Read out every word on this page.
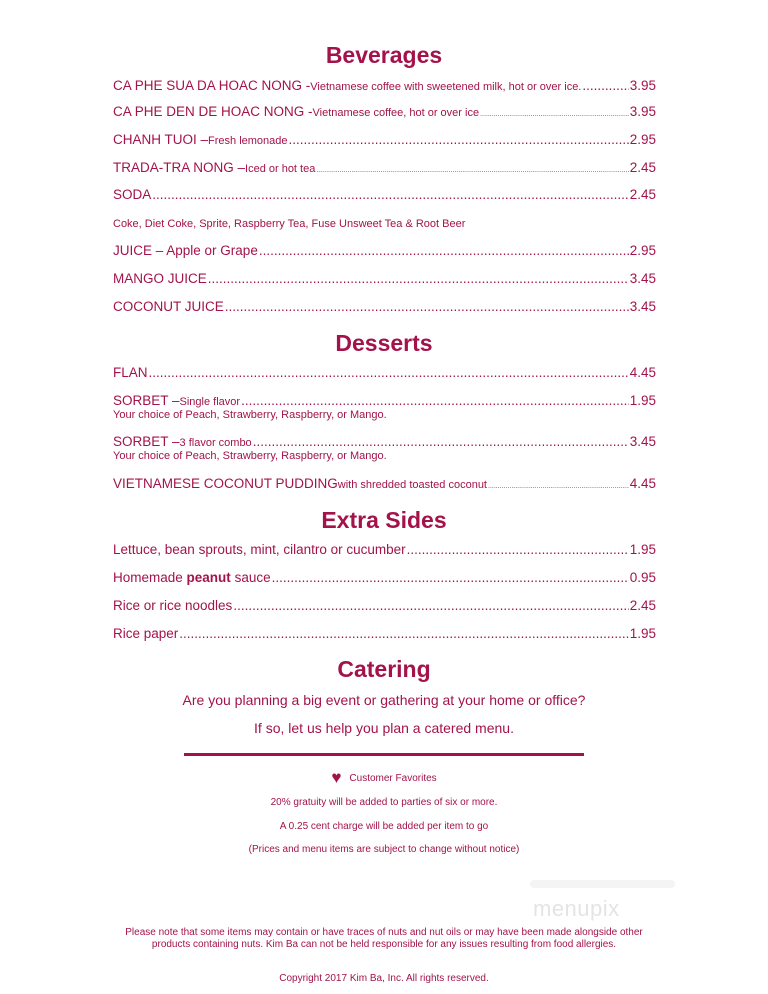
Beverages
CA PHE SUA DA HOAC NONG - Vietnamese coffee with sweetened milk, hot or over ice. .....	3.95
CA PHE DEN DE HOAC NONG - Vietnamese coffee, hot or over ice .....	3.95
CHANH TUOI – Fresh lemonade .....	2.95
TRADA-TRA NONG – Iced or hot tea .....	2.45
SODA .....	2.45
Coke, Diet Coke, Sprite, Raspberry Tea, Fuse Unsweet Tea & Root Beer
JUICE – Apple or Grape .....	2.95
MANGO JUICE .....	3.45
COCONUT JUICE .....	3.45
Desserts
FLAN .....	4.45
SORBET – Single flavor .....	1.95
Your choice of Peach, Strawberry, Raspberry, or Mango.
SORBET – 3 flavor combo .....	3.45
Your choice of Peach, Strawberry, Raspberry, or Mango.
VIETNAMESE COCONUT PUDDING with shredded toasted coconut .....	4.45
Extra Sides
Lettuce, bean sprouts, mint, cilantro or cucumber .....	1.95
Homemade peanut sauce .....	0.95
Rice or rice noodles .....	2.45
Rice paper .....	1.95
Catering
Are you planning a big event or gathering at your home or office?
If so, let us help you plan a catered menu.
♥ Customer Favorites
20% gratuity will be added to parties of six or more.
A 0.25 cent charge will be added per item to go
(Prices and menu items are subject to change without notice)
menupix
Please note that some items may contain or have traces of nuts and nut oils or may have been made alongside other
products containing nuts. Kim Ba can not be held responsible for any issues resulting from food allergies.
Copyright 2017 Kim Ba, Inc. All rights reserved.
